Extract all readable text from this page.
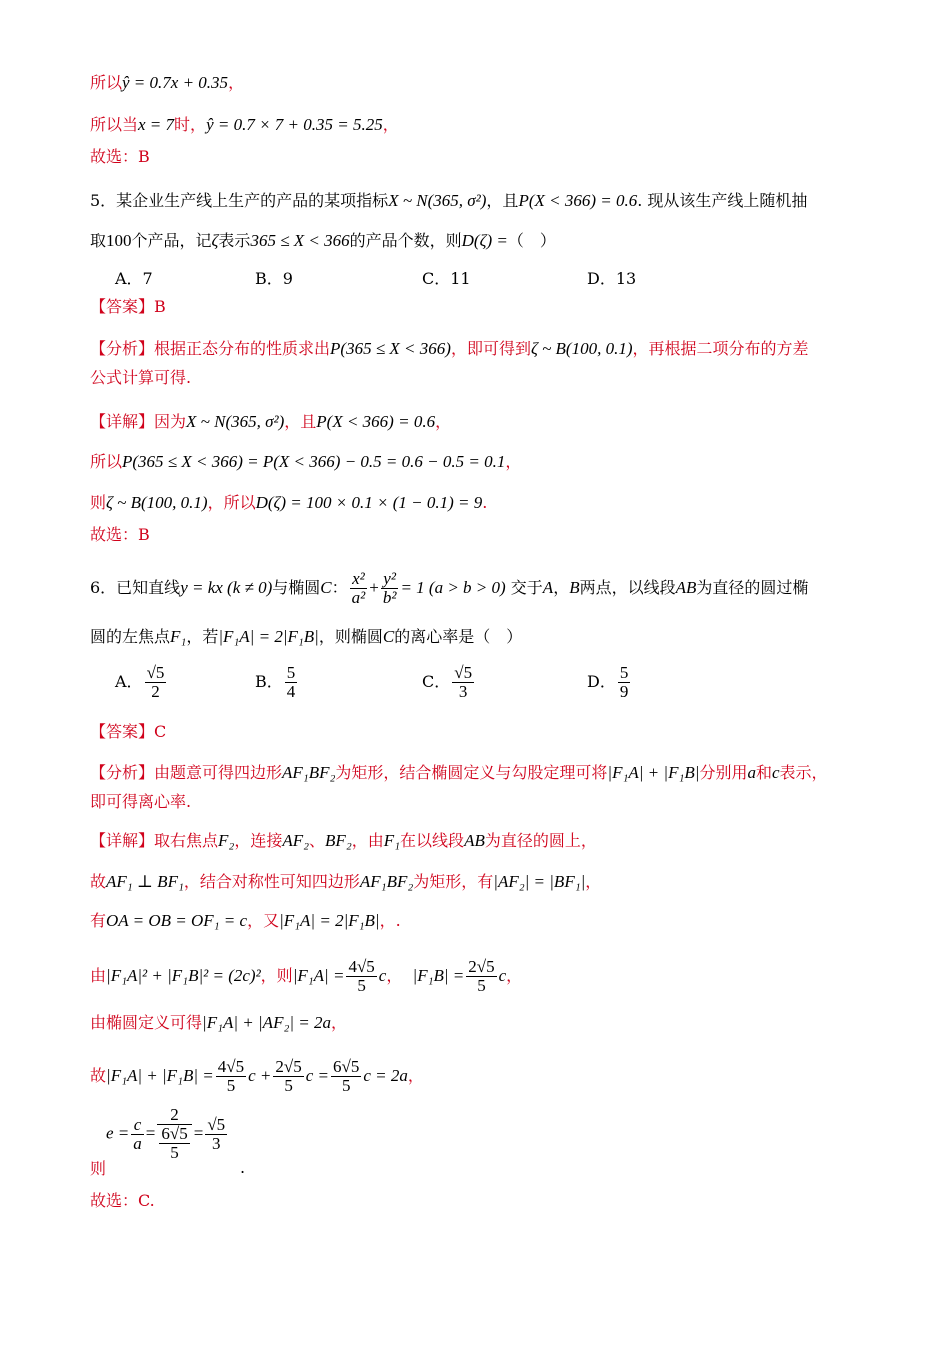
所以ŷ = 0.7x + 0.35，
所以当x = 7时，ŷ = 0.7 × 7 + 0.35 = 5.25，
故选：B
5．某企业生产线上生产的产品的某项指标X ~ N(365, σ²)，且P(X < 366) = 0.6. 现从该生产线上随机抽
取100个产品，记ζ表示365 ≤ X < 366的产品个数，则D(ζ) =（　）
A．7	B．9	C．11	D．13
【答案】B
【分析】根据正态分布的性质求出P(365 ≤ X < 366)，即可得到ζ ~ B(100, 0.1)，再根据二项分布的方差
公式计算可得.
【详解】因为X ~ N(365, σ²)，且P(X < 366) = 0.6，
所以P(365 ≤ X < 366) = P(X < 366) − 0.5 = 0.6 − 0.5 = 0.1，
则ζ ~ B(100, 0.1)，所以D(ζ) = 100 × 0.1 × (1 − 0.1) = 9.
故选：B
6．已知直线y = kx (k ≠ 0)与椭圆C： $\frac{\text{x²}}{\text{a²}} + \frac{\text{y²}}{\text{b²}} = 1$ (a > b > 0) 交于A，B两点，以线段AB为直径的圆过椭
圆的左焦点F₁，若|F₁A| = 2|F₁B|，则椭圆C的离心率是（　）
A． $\frac{√5}{2}$	B． $\frac{5}{4}$	C． $\frac{√5}{3}$	D． $\frac{5}{9}$
【答案】C
【分析】由题意可得四边形AF₁BF₂为矩形，结合椭圆定义与勾股定理可将|F₁A| + |F₁B|分别用a和c表示，
即可得离心率.
【详解】取右焦点F₂，连接AF₂、BF₂，由F₁在以线段AB为直径的圆上，
故AF₁ ⊥ BF₁，结合对称性可知四边形AF₁BF₂为矩形，有|AF₂| = |BF₁|，
有OA = OB = OF₁ = c，又|F₁A| = 2|F₁B|，.
由|F₁A|² + |F₁B|² = (2c)²，则$|F_1A| = \frac{4√5}{5}$ c， $|F_1B| = \frac{2√5}{5}$ c，
由椭圆定义可得|F₁A| + |AF₂| = 2a，
故$|F_1A| + |F_1B| = \frac{4√5}{5}$ $c + \frac{2√5}{5}$ $c = \frac{6√5}{5}$ c = 2a，
$e = \frac{c}{a} = \frac{2}{\frac{6√5}{5}} = \frac{√5}{3}$
则	.
故选：C.
